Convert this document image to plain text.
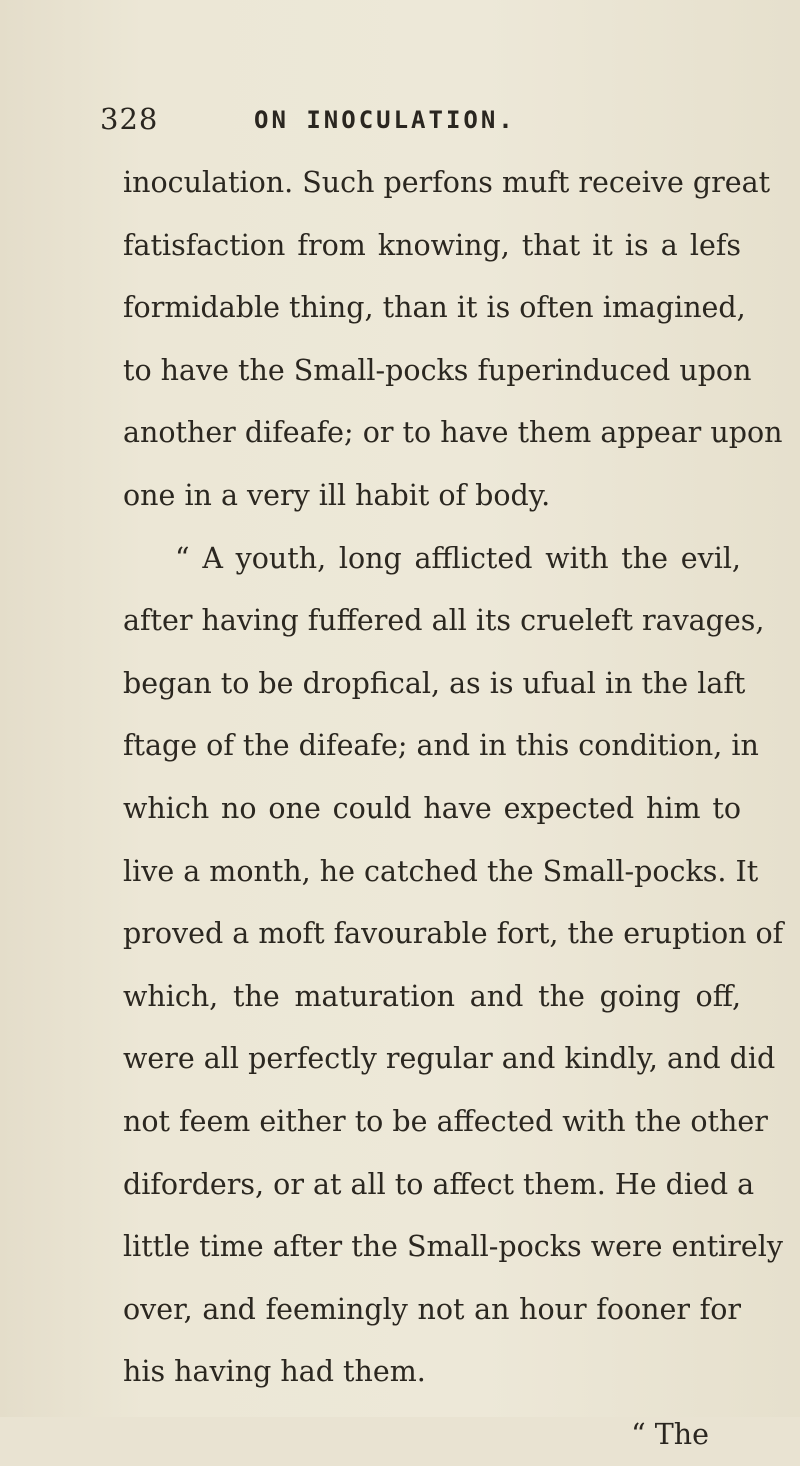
328	ON INOCULATION.
inoculation. Such perfons muft receive great
fatisfaction from knowing, that it is a lefs
formidable thing, than it is often imagined,
to have the Small-pocks fuperinduced upon
another difeafe; or to have them appear upon
one in a very ill habit of body.
“ A youth, long afflicted with the evil,
after having fuffered all its crueleft ravages,
began to be dropfical, as is ufual in the laft
ftage of the difeafe; and in this condition, in
which no one could have expected him to
live a month, he catched the Small-pocks. It
proved a moft favourable fort, the eruption of
which, the maturation and the going off,
were all perfectly regular and kindly, and did
not feem either to be affected with the other
diforders, or at all to affect them. He died a
little time after the Small-pocks were entirely
over, and feemingly not an hour fooner for
his having had them.
“ The
